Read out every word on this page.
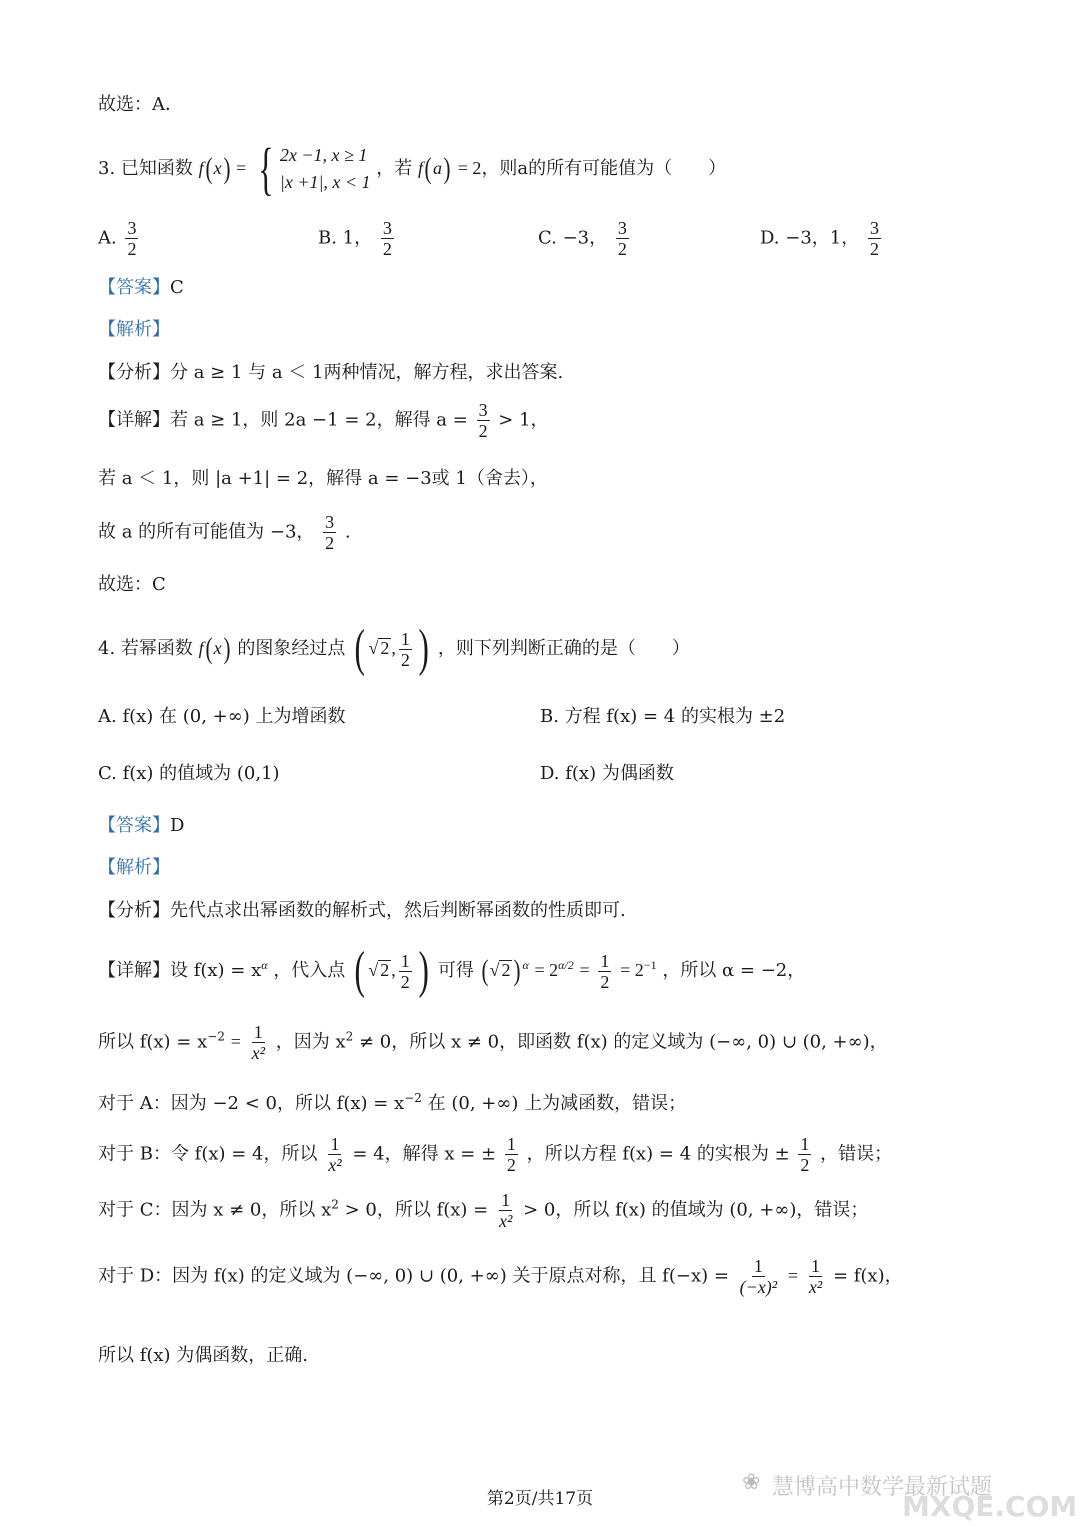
故选：A．
3. 已知函数 f(x) = { 2x −1, x ≥ 1
|x +1|, x < 1
，若 f(a) = 2，则a的所有可能值为（　　）
A. $\frac{3}{2}$	B. 1， $\frac{3}{2}$	C. −3， $\frac{3}{2}$	D. −3，1， $\frac{3}{2}$
【答案】C
【解析】
【分析】分 a ≥ 1 与 a ＜ 1两种情况，解方程，求出答案.
【详解】若 a ≥ 1，则 2a −1 = 2，解得 $a = \frac{3}{2} > 1$，
若 a ＜ 1，则 |a +1| = 2，解得 a = −3或 1（舍去），
故 a 的所有可能值为 −3， $\frac{3}{2}$ .
故选：C
4. 若幂函数 f(x) 的图象经过点 ( √ 2 , $\frac{1}{2}$ ) ，则下列判断正确的是（　　）
A. f(x) 在 (0, +∞) 上为增函数	B. 方程 f(x) = 4 的实根为 ±2
C. f(x) 的值域为 (0,1)	D. f(x) 为偶函数
【答案】D
【解析】
【分析】先代点求出幂函数的解析式，然后判断幂函数的性质即可.
【详解】设 $f(x) = x^\alpha$ ，代入点 ( √ 2 , $\frac{1}{2}$ ) 可得 (√ 2 ) $^\alpha = 2^{\alpha/2} = \frac{1}{2} = 2^{-1}$ ，所以 α = −2，
所以 $f(x) = x^{-2} = \frac{1}{\text{x²}}$ ，因为 $x^2 \ne 0$，所以 x ≠ 0，即函数 f(x) 的定义域为 (−∞, 0) ∪ (0, +∞)，
对于 A：因为 −2 < 0，所以 $f(x) = x^{-2}$ 在 (0, +∞) 上为减函数，错误；
对于 B：令 f(x) = 4，所以 $\frac{1}{\text{x²}} = 4$，解得 x = ± $\frac{1}{2}$ ，所以方程 f(x) = 4 的实根为 ± $\frac{1}{2}$ ，错误；
对于 C：因为 x ≠ 0，所以 $x^2 > 0$，所以 $f(x) = \frac{1}{\text{x²}} > 0$，所以 f(x) 的值域为 (0, +∞)，错误；
对于 D：因为 f(x) 的定义域为 (−∞, 0) ∪ (0, +∞) 关于原点对称，且 $f(-x) = \frac{1}{\text{(−x)²}} = \frac{1}{\text{x²}} = f(x)$，
所以 f(x) 为偶函数，正确.
❀ 慧博高中数学最新试题
MXQE.COM
第2页/共17页
